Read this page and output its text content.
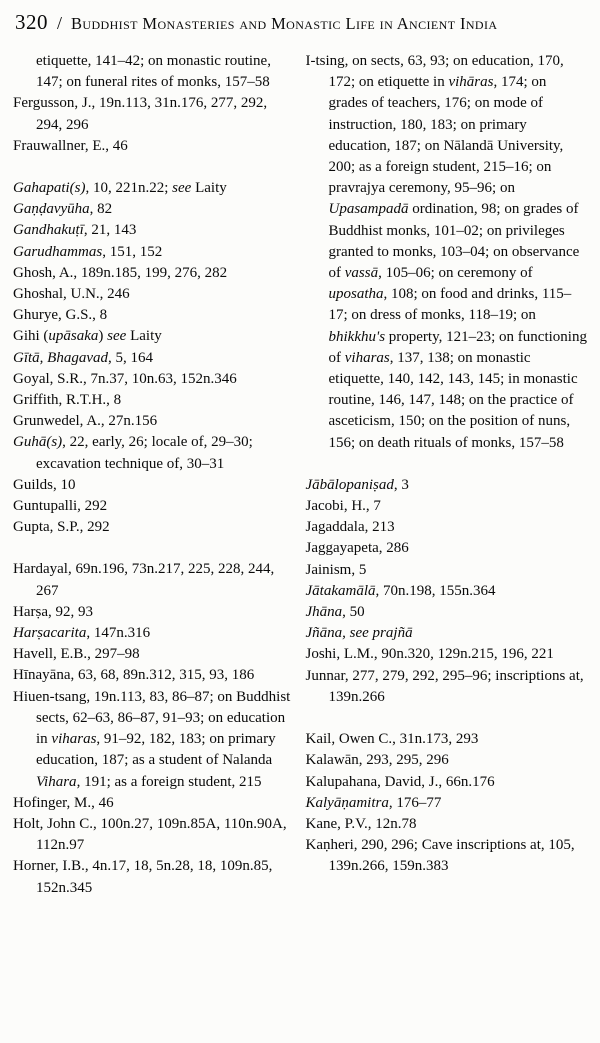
320 / Buddhist Monasteries and Monastic Life in Ancient India
etiquette, 141–42; on monastic routine, 147; on funeral rites of monks, 157–58
Fergusson, J., 19n.113, 31n.176, 277, 292, 294, 296
Frauwallner, E., 46
Gahapati(s), 10, 221n.22; see Laity
Gaṇḍavyūha, 82
Gandhakuṭī, 21, 143
Garudhammas, 151, 152
Ghosh, A., 189n.185, 199, 276, 282
Ghoshal, U.N., 246
Ghurye, G.S., 8
Gihi (upāsaka) see Laity
Gītā, Bhagavad, 5, 164
Goyal, S.R., 7n.37, 10n.63, 152n.346
Griffith, R.T.H., 8
Grunwedel, A., 27n.156
Guhā(s), 22, early, 26; locale of, 29–30; excavation technique of, 30–31
Guilds, 10
Guntupalli, 292
Gupta, S.P., 292
Hardayal, 69n.196, 73n.217, 225, 228, 244, 267
Harṣa, 92, 93
Harṣacarita, 147n.316
Havell, E.B., 297–98
Hīnayāna, 63, 68, 89n.312, 315, 93, 186
Hiuen-tsang, 19n.113, 83, 86–87; on Buddhist sects, 62–63, 86–87, 91–93; on education in viharas, 91–92, 182, 183; on primary education, 187; as a student of Nalanda Vihara, 191; as a foreign student, 215
Hofinger, M., 46
Holt, John C., 100n.27, 109n.85A, 110n.90A, 112n.97
Horner, I.B., 4n.17, 18, 5n.28, 18, 109n.85, 152n.345
I-tsing, on sects, 63, 93; on education, 170, 172; on etiquette in vihāras, 174; on grades of teachers, 176; on mode of instruction, 180, 183; on primary education, 187; on Nālandā University, 200; as a foreign student, 215–16; on pravrajya ceremony, 95–96; on Upasampadā ordination, 98; on grades of Buddhist monks, 101–02; on privileges granted to monks, 103–04; on observance of vassā, 105–06; on ceremony of uposatha, 108; on food and drinks, 115–17; on dress of monks, 118–19; on bhikkhu's property, 121–23; on functioning of viharas, 137, 138; on monastic etiquette, 140, 142, 143, 145; in monastic routine, 146, 147, 148; on the practice of asceticism, 150; on the position of nuns, 156; on death rituals of monks, 157–58
Jābālopaniṣad, 3
Jacobi, H., 7
Jagaddala, 213
Jaggayapeta, 286
Jainism, 5
Jātakamālā, 70n.198, 155n.364
Jhāna, 50
Jñāna, see prajñā
Joshi, L.M., 90n.320, 129n.215, 196, 221
Junnar, 277, 279, 292, 295–96; inscriptions at, 139n.266
Kail, Owen C., 31n.173, 293
Kalawān, 293, 295, 296
Kalupahana, David, J., 66n.176
Kalyāṇamitra, 176–77
Kane, P.V., 12n.78
Kaṇheri, 290, 296; Cave inscriptions at, 105, 139n.266, 159n.383
